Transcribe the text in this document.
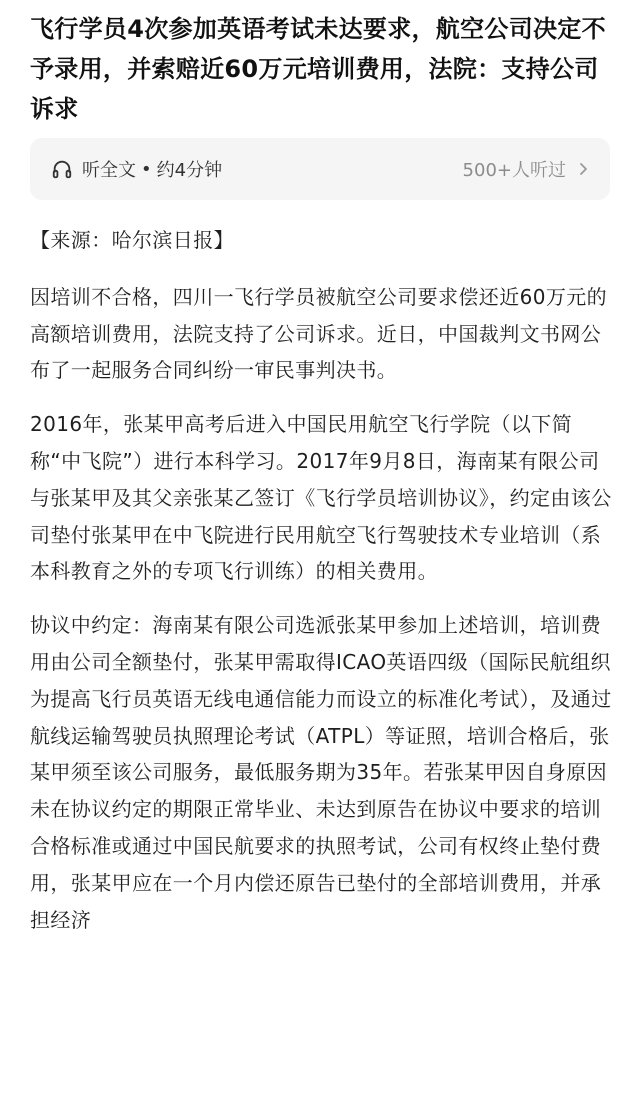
飞行学员4次参加英语考试未达要求，航空公司决定不予录用，并索赔近60万元培训费用，法院：支持公司诉求
听全文 • 约4分钟	500+人听过

【来源：哈尔滨日报】

因培训不合格，四川一飞行学员被航空公司要求偿还近60万元的高额培训费用，法院支持了公司诉求。近日，中国裁判文书网公布了一起服务合同纠纷一审民事判决书。

2016年，张某甲高考后进入中国民用航空飞行学院（以下简称“中飞院”）进行本科学习。2017年9月8日，海南某有限公司与张某甲及其父亲张某乙签订《飞行学员培训协议》，约定由该公司垫付张某甲在中飞院进行民用航空飞行驾驶技术专业培训（系本科教育之外的专项飞行训练）的相关费用。

协议中约定：海南某有限公司选派张某甲参加上述培训，培训费用由公司全额垫付，张某甲需取得ICAO英语四级（国际民航组织为提高飞行员英语无线电通信能力而设立的标准化考试），及通过航线运输驾驶员执照理论考试（ATPL）等证照，培训合格后，张某甲须至该公司服务，最低服务期为35年。若张某甲因自身原因未在协议约定的期限正常毕业、未达到原告在协议中要求的培训合格标准或通过中国民航要求的执照考试，公司有权终止垫付费用，张某甲应在一个月内偿还原告已垫付的全部培训费用，并承担经济
